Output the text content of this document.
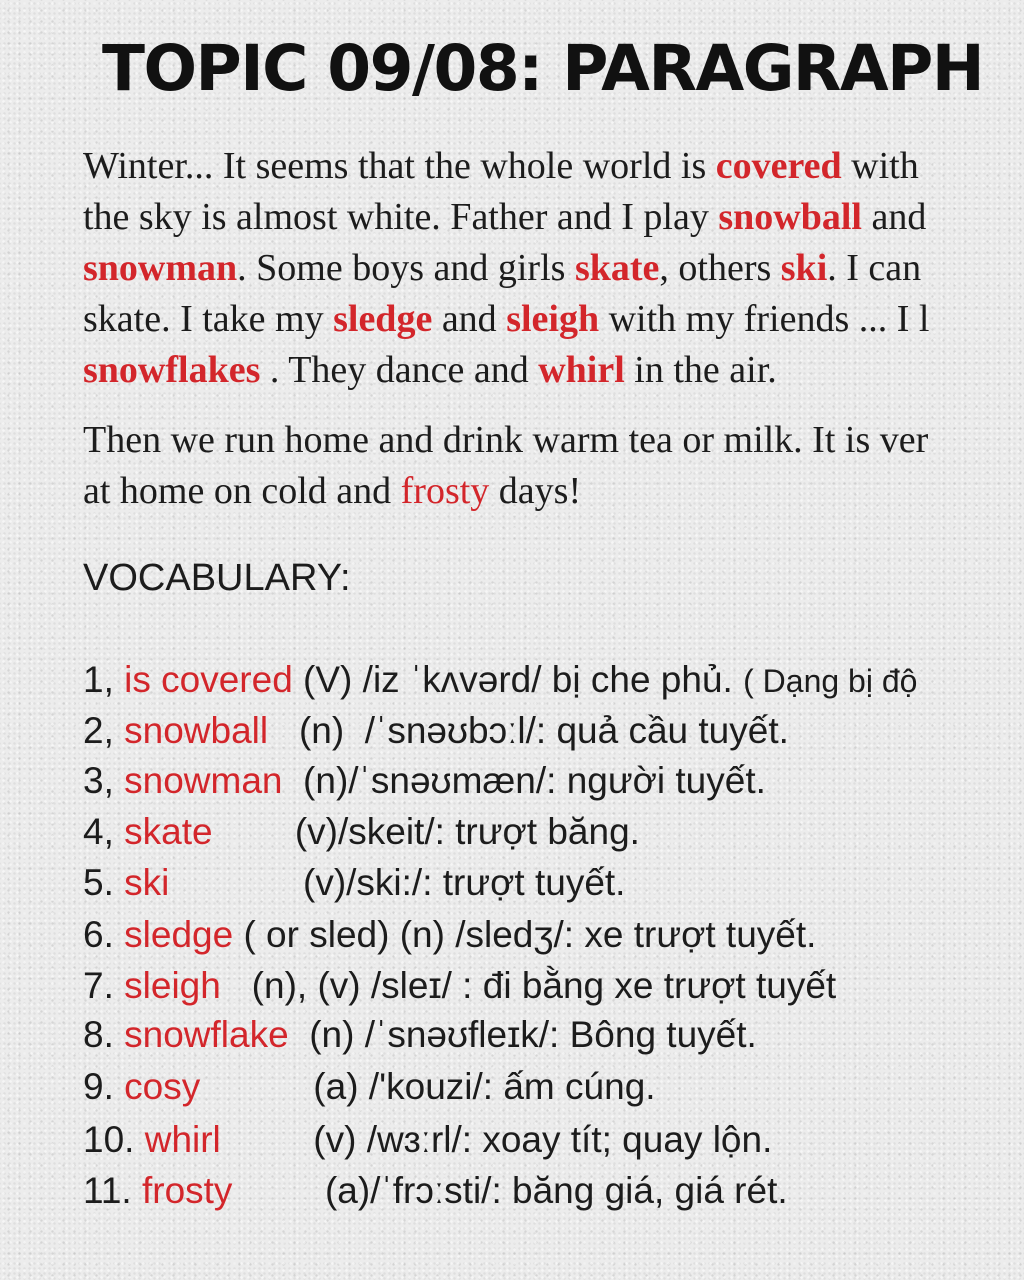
TOPIC 09/08: PARAGRAPH

Winter... It seems that the whole world is covered with
the sky is almost white. Father and I play snowball and
snowman. Some boys and girls skate, others ski. I can
skate. I take my sledge and sleigh with my friends ... I l
snowflakes . They dance and whirl in the air.

Then we run home and drink warm tea or milk. It is ver
at home on cold and frosty days!

VOCABULARY:

1, is covered (V) /iz ˈkʌvərd/ bị che phủ. ( Dạng bị độ

2, snowball   (n)  /ˈsnəʊbɔːl/: quả cầu tuyết.

3, snowman  (n)/ˈsnəʊmæn/: người tuyết.

4, skate        (v)/skeit/: trượt băng.

5. ski             (v)/ski:/: trượt tuyết.

6. sledge ( or sled) (n) /sledʒ/: xe trượt tuyết.

7. sleigh   (n), (v) /sleɪ/ : đi bằng xe trượt tuyết

8. snowflake  (n) /ˈsnəʊfleɪk/: Bông tuyết.

9. cosy           (a) /'kouzi/: ấm cúng.

10. whirl         (v) /wɜːrl/: xoay tít; quay lộn.

11. frosty         (a)/ˈfrɔːsti/: băng giá, giá rét.
